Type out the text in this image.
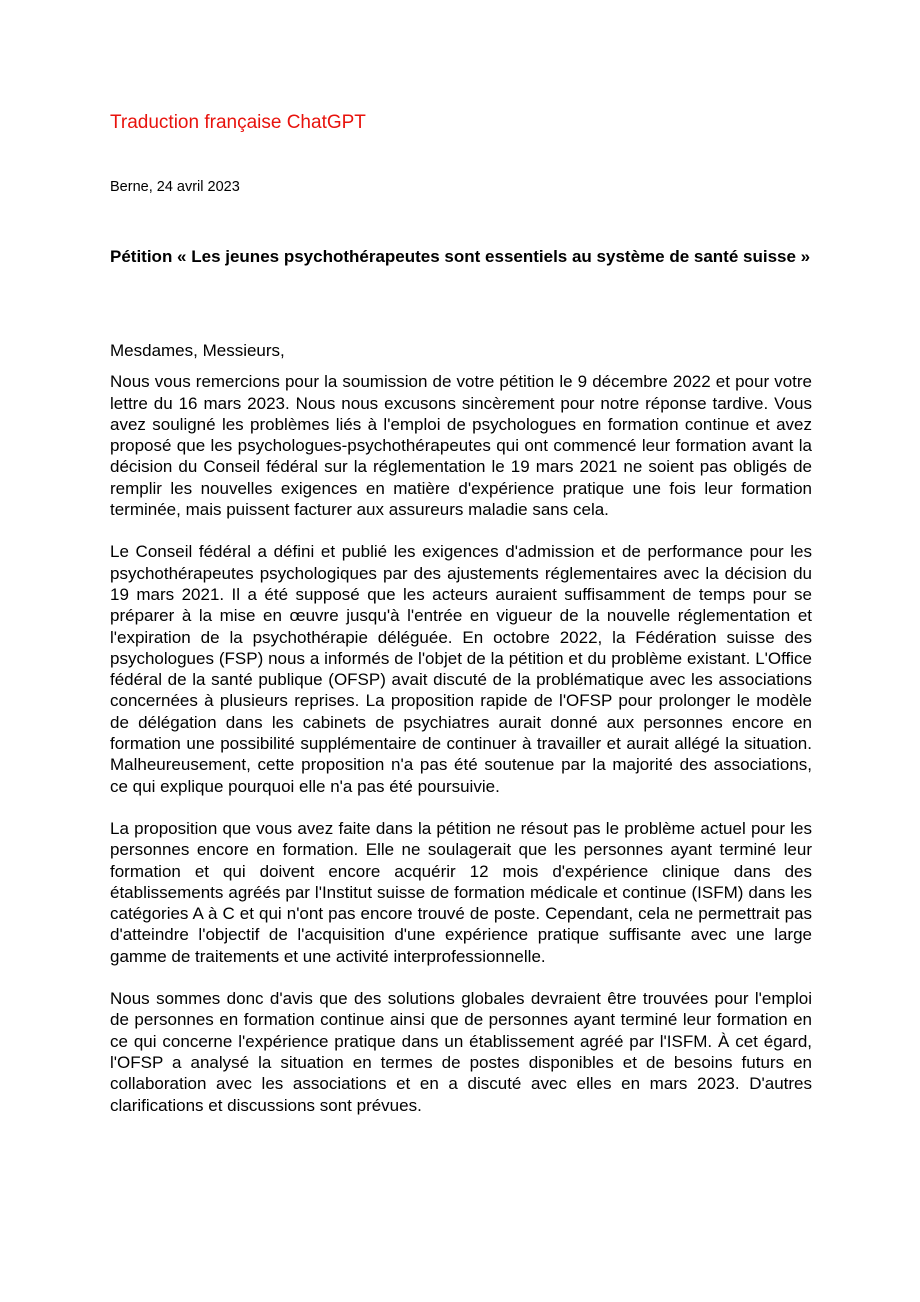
Traduction française ChatGPT
Berne, 24 avril 2023
Pétition « Les jeunes psychothérapeutes sont essentiels au système de santé suisse »

Mesdames, Messieurs,

Nous vous remercions pour la soumission de votre pétition le 9 décembre 2022 et pour votre lettre du 16 mars 2023. Nous nous excusons sincèrement pour notre réponse tardive. Vous avez souligné les problèmes liés à l'emploi de psychologues en formation continue et avez proposé que les psychologues-psychothérapeutes qui ont commencé leur formation avant la décision du Conseil fédéral sur la réglementation le 19 mars 2021 ne soient pas obligés de remplir les nouvelles exigences en matière d'expérience pratique une fois leur formation terminée, mais puissent facturer aux assureurs maladie sans cela.

Le Conseil fédéral a défini et publié les exigences d'admission et de performance pour les psychothérapeutes psychologiques par des ajustements réglementaires avec la décision du 19 mars 2021. Il a été supposé que les acteurs auraient suffisamment de temps pour se préparer à la mise en œuvre jusqu'à l'entrée en vigueur de la nouvelle réglementation et l'expiration de la psychothérapie déléguée. En octobre 2022, la Fédération suisse des psychologues (FSP) nous a informés de l'objet de la pétition et du problème existant. L'Office fédéral de la santé publique (OFSP) avait discuté de la problématique avec les associations concernées à plusieurs reprises. La proposition rapide de l'OFSP pour prolonger le modèle de délégation dans les cabinets de psychiatres aurait donné aux personnes encore en formation une possibilité supplémentaire de continuer à travailler et aurait allégé la situation. Malheureusement, cette proposition n'a pas été soutenue par la majorité des associations, ce qui explique pourquoi elle n'a pas été poursuivie.

La proposition que vous avez faite dans la pétition ne résout pas le problème actuel pour les personnes encore en formation. Elle ne soulagerait que les personnes ayant terminé leur formation et qui doivent encore acquérir 12 mois d'expérience clinique dans des établissements agréés par l'Institut suisse de formation médicale et continue (ISFM) dans les catégories A à C et qui n'ont pas encore trouvé de poste. Cependant, cela ne permettrait pas d'atteindre l'objectif de l'acquisition d'une expérience pratique suffisante avec une large gamme de traitements et une activité interprofessionnelle.

Nous sommes donc d'avis que des solutions globales devraient être trouvées pour l'emploi de personnes en formation continue ainsi que de personnes ayant terminé leur formation en ce qui concerne l'expérience pratique dans un établissement agréé par l'ISFM. À cet égard, l'OFSP a analysé la situation en termes de postes disponibles et de besoins futurs en collaboration avec les associations et en a discuté avec elles en mars 2023. D'autres clarifications et discussions sont prévues.
